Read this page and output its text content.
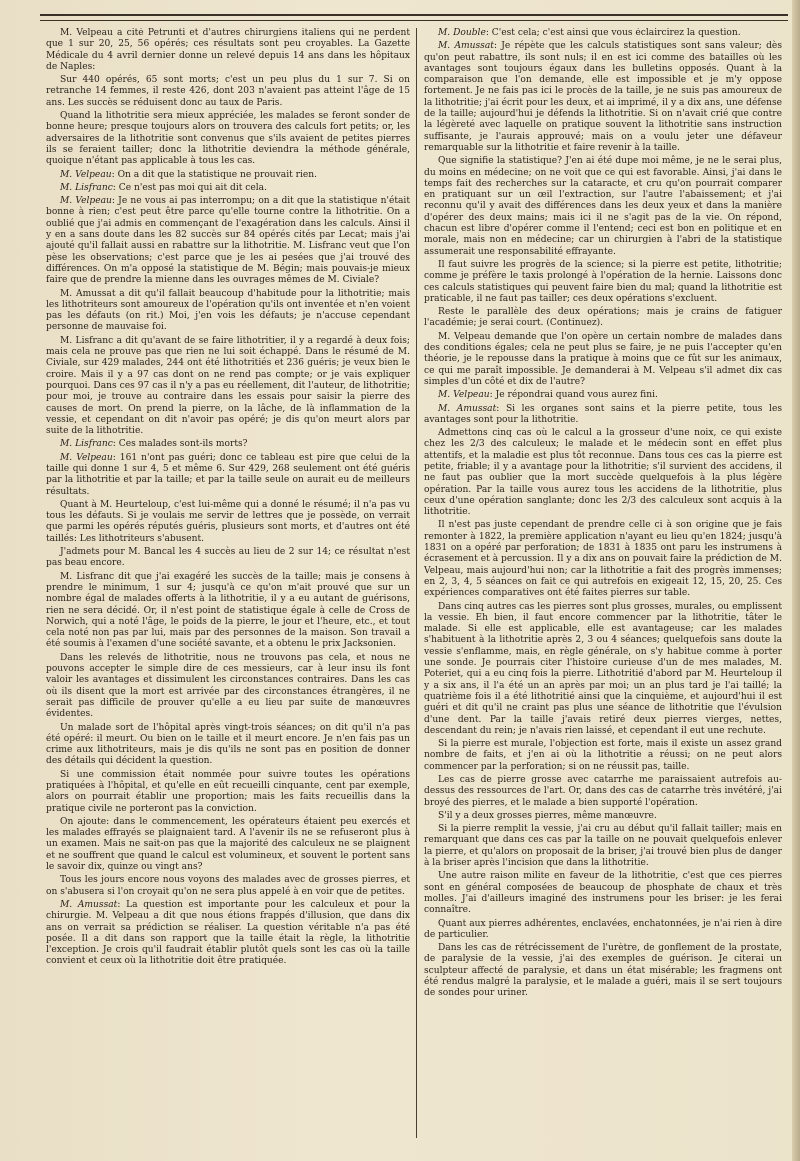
M. Velpeau a cité Petrunti et d'autres chirurgiens italiens qui ne perdent que 1 sur 20, 25, 56 opérés; ces résultats sont peu croyables. La Gazette Médicale du 4 avril dernier donne un relevé depuis 14 ans dans les hôpitaux de Naples:

Sur 440 opérés, 65 sont morts; c'est un peu plus du 1 sur 7. Si on retranche 14 femmes, il reste 426, dont 203 n'avaient pas atteint l'âge de 15 ans. Les succès se réduisent donc au taux de Paris.

Quand la lithotritie sera mieux appréciée, les malades se feront sonder de bonne heure; presque toujours alors on trouvera des calculs fort petits; or, les adversaires de la lithotritie sont convenus que s'ils avaient de petites pierres ils se feraient tailler; donc la lithotritie deviendra la méthode générale, quoique n'étant pas applicable à tous les cas.

M. Velpeau: On a dit que la statistique ne prouvait rien.

M. Lisfranc: Ce n'est pas moi qui ait dit cela.

M. Velpeau: Je ne vous ai pas interrompu; on a dit que la statistique n'était bonne à rien; c'est peut être parce qu'elle tourne contre la lithotritie. On a oublié que j'ai admis en commençant de l'exagération dans les calculs. Ainsi il y en a sans doute dans les 82 succès sur 84 opérés cités par Lecat; mais j'ai ajouté qu'il fallait aussi en rabattre sur la lithotritie. M. Lisfranc veut que l'on pèse les observations; c'est parce que je les ai pesées que j'ai trouvé des différences. On m'a opposé la statistique de M. Bégin; mais pouvais-je mieux faire que de prendre la mienne dans les ouvrages mêmes de M. Civiale?

M. Amussat a dit qu'il fallait beaucoup d'habitude pour la lithotritie; mais les lithotriteurs sont amoureux de l'opération qu'ils ont inventée et n'en voient pas les défauts (on rit.) Moi, j'en vois les défauts; je n'accuse cependant personne de mauvaise foi.

M. Lisfranc a dit qu'avant de se faire lithotritier, il y a regardé à deux fois; mais cela ne prouve pas que rien ne lui soit échappé. Dans le résumé de M. Civiale, sur 429 malades, 244 ont été lithotritiés et 236 guéris; je veux bien le croire. Mais il y a 97 cas dont on ne rend pas compte; or je vais expliquer pourquoi. Dans ces 97 cas il n'y a pas eu réellement, dit l'auteur, de lithotritie; pour moi, je trouve au contraire dans les essais pour saisir la pierre des causes de mort. On prend la pierre, on la lâche, de là inflammation de la vessie, et cependant on dit n'avoir pas opéré; je dis qu'on meurt alors par suite de la lithotritie.

M. Lisfranc: Ces malades sont-ils morts?

M. Velpeau: 161 n'ont pas guéri; donc ce tableau est pire que celui de la taille qui donne 1 sur 4, 5 et même 6. Sur 429, 268 seulement ont été guéris par la lithotritie et par la taille; et par la taille seule on aurait eu de meilleurs résultats.

Quant à M. Heurteloup, c'est lui-même qui a donné le résumé; il n'a pas vu tous les défauts. Si je voulais me servir de lettres que je possède, on verrait que parmi les opérés réputés guéris, plusieurs sont morts, et d'autres ont été taillés: Les lithotriteurs s'abusent.

J'admets pour M. Bancal les 4 succès au lieu de 2 sur 14; ce résultat n'est pas beau encore.

M. Lisfranc dit que j'ai exagéré les succès de la taille; mais je consens à prendre le minimum, 1 sur 4; jusqu'à ce qu'on m'ait prouvé que sur un nombre égal de malades offerts à la lithotritie, il y a eu autant de guérisons, rien ne sera décidé. Or, il n'est point de statistique égale à celle de Cross de Norwich, qui a noté l'âge, le poids de la pierre, le jour et l'heure, etc., et tout cela noté non pas par lui, mais par des personnes de la maison. Son travail a été soumis à l'examen d'une société savante, et a obtenu le prix Jacksonien.

Dans les relevés de lithotritie, nous ne trouvons pas cela, et nous ne pouvons accepter le simple dire de ces messieurs, car à leur insu ils font valoir les avantages et dissimulent les circonstances contraires. Dans les cas où ils disent que la mort est arrivée par des circonstances étrangères, il ne serait pas difficile de prouver qu'elle a eu lieu par suite de manœuvres évidentes.

Un malade sort de l'hôpital après vingt-trois séances; on dit qu'il n'a pas été opéré: il meurt. Ou bien on le taille et il meurt encore. Je n'en fais pas un crime aux lithotriteurs, mais je dis qu'ils ne sont pas en position de donner des détails qui décident la question.

Si une commission était nommée pour suivre toutes les opérations pratiquées à l'hôpital, et qu'elle en eût recueilli cinquante, cent par exemple, alors on pourrait établir une proportion; mais les faits recueillis dans la pratique civile ne porteront pas la conviction.

On ajoute: dans le commencement, les opérateurs étaient peu exercés et les malades effrayés se plaignaient tard. A l'avenir ils ne se refuseront plus à un examen. Mais ne sait-on pas que la majorité des calculeux ne se plaignent et ne souffrent que quand le calcul est volumineux, et souvent le portent sans le savoir dix, quinze ou vingt ans?

Tous les jours encore nous voyons des malades avec de grosses pierres, et on s'abusera si l'on croyait qu'on ne sera plus appelé à en voir que de petites.

M. Amussat: La question est importante pour les calculeux et pour la chirurgie. M. Velpeau a dit que nous étions frappés d'illusion, que dans dix ans on verrait sa prédiction se réaliser. La question véritable n'a pas été posée. Il a dit dans son rapport que la taille était la règle, la lithotritie l'exception. Je crois qu'il faudrait établir plutôt quels sont les cas où la taille convient et ceux où la lithotritie doit être pratiquée.

M. Double: C'est cela; c'est ainsi que vous éclaircirez la question.

M. Amussat: Je répète que les calculs statistiques sont sans valeur; dès qu'on peut rabattre, ils sont nuls; il en est ici comme des batailles où les avantages sont toujours égaux dans les bulletins opposés. Quant à la comparaison que l'on demande, elle est impossible et je m'y oppose fortement. Je ne fais pas ici le procès de la taille, je ne suis pas amoureux de la lithotritie; j'ai écrit pour les deux, et ai imprimé, il y a dix ans, une défense de la taille; aujourd'hui je défends la lithotritie. Si on n'avait crié que contre la légèreté avec laquelle on pratique souvent la lithotritie sans instruction suffisante, je l'aurais approuvé; mais on a voulu jeter une défaveur remarquable sur la lithotritie et faire revenir à la taille.

Que signifie la statistique? J'en ai été dupe moi même, je ne le serai plus, du moins en médecine; on ne voit que ce qui est favorable. Ainsi, j'ai dans le temps fait des recherches sur la cataracte, et cru qu'on pourrait comparer en pratiquant sur un œil l'extraction, sur l'autre l'abaissement; et j'ai reconnu qu'il y avait des différences dans les deux yeux et dans la manière d'opérer des deux mains; mais ici il ne s'agit pas de la vie. On répond, chacun est libre d'opérer comme il l'entend; ceci est bon en politique et en morale, mais non en médecine; car un chirurgien à l'abri de la statistique assumerait une responsabilité effrayante.

Il faut suivre les progrès de la science; si la pierre est petite, lithotritie; comme je préfère le taxis prolongé à l'opération de la hernie. Laissons donc ces calculs statistiques qui peuvent faire bien du mal; quand la lithotritie est praticable, il ne faut pas tailler; ces deux opérations s'excluent.

Reste le parallèle des deux opérations; mais je crains de fatiguer l'académie; je serai court. (Continuez).

M. Velpeau demande que l'on opère un certain nombre de malades dans des conditions égales; cela ne peut plus se faire, je ne puis l'accepter qu'en théorie, je le repousse dans la pratique à moins que ce fût sur les animaux, ce qui me paraît impossible. Je demanderai à M. Velpeau s'il admet dix cas simples d'un côté et dix de l'autre?

M. Velpeau: Je répondrai quand vous aurez fini.

M. Amussat: Si les organes sont sains et la pierre petite, tous les avantages sont pour la lithotritie.

Admettons cinq cas où le calcul a la grosseur d'une noix, ce qui existe chez les 2/3 des calculeux; le malade et le médecin sont en effet plus attentifs, et la maladie est plus tôt reconnue. Dans tous ces cas la pierre est petite, friable; il y a avantage pour la lithotritie; s'il survient des accidens, il ne faut pas oublier que la mort succède quelquefois à la plus légère opération. Par la taille vous aurez tous les accidens de la lithotritie, plus ceux d'une opération sanglante; donc les 2/3 des calculeux sont acquis à la lithotritie.

Il n'est pas juste cependant de prendre celle ci à son origine que je fais remonter à 1822, la première application n'ayant eu lieu qu'en 1824; jusqu'à 1831 on a opéré par perforation; de 1831 à 1835 ont paru les instrumens à écrasement et à percussion. Il y a dix ans on pouvait faire la prédiction de M. Velpeau, mais aujourd'hui non; car la lithotritie a fait des progrès immenses; en 2, 3, 4, 5 séances on fait ce qui autrefois en exigeait 12, 15, 20, 25. Ces expériences comparatives ont été faites pierres sur table.

Dans cinq autres cas les pierres sont plus grosses, murales, ou emplissent la vessie. Eh bien, il faut encore commencer par la lithotritie, tâter le malade. Si elle est applicable, elle est avantageuse; car les malades s'habituent à la lithotritie après 2, 3 ou 4 séances; quelquefois sans doute la vessie s'enflamme, mais, en règle générale, on s'y habitue comme à porter une sonde. Je pourrais citer l'histoire curieuse d'un de mes malades, M. Poteriet, qui a eu cinq fois la pierre. Lithotritié d'abord par M. Heurteloup il y a six ans, il l'a été un an après par moi; un an plus tard je l'ai taillé; la quatrième fois il a été lithotritié ainsi que la cinquième, et aujourd'hui il est guéri et dit qu'il ne craint pas plus une séance de lithotritie que l'évulsion d'une dent. Par la taille j'avais retiré deux pierres vierges, nettes, descendant du rein; je n'avais rien laissé, et cependant il eut une rechute.

Si la pierre est murale, l'objection est forte, mais il existe un assez grand nombre de faits, et j'en ai où la lithotritie a réussi; on ne peut alors commencer par la perforation; si on ne réussit pas, taille.

Les cas de pierre grosse avec catarrhe me paraissaient autrefois au-dessus des ressources de l'art. Or, dans des cas de catarrhe très invétéré, j'ai broyé des pierres, et le malade a bien supporté l'opération.

S'il y a deux grosses pierres, même manœuvre.

Si la pierre remplit la vessie, j'ai cru au début qu'il fallait tailler; mais en remarquant que dans ces cas par la taille on ne pouvait quelquefois enlever la pierre, et qu'alors on proposait de la briser, j'ai trouvé bien plus de danger à la briser après l'incision que dans la lithotritie.

Une autre raison milite en faveur de la lithotritie, c'est que ces pierres sont en général composées de beaucoup de phosphate de chaux et très molles. J'ai d'ailleurs imaginé des instrumens pour les briser: je les ferai connaître.

Quant aux pierres adhérentes, enclavées, enchatonnées, je n'ai rien à dire de particulier.

Dans les cas de rétrécissement de l'urètre, de gonflement de la prostate, de paralysie de la vessie, j'ai des exemples de guérison. Je citerai un sculpteur affecté de paralysie, et dans un état misérable; les fragmens ont été rendus malgré la paralysie, et le malade a guéri, mais il se sert toujours de sondes pour uriner.
